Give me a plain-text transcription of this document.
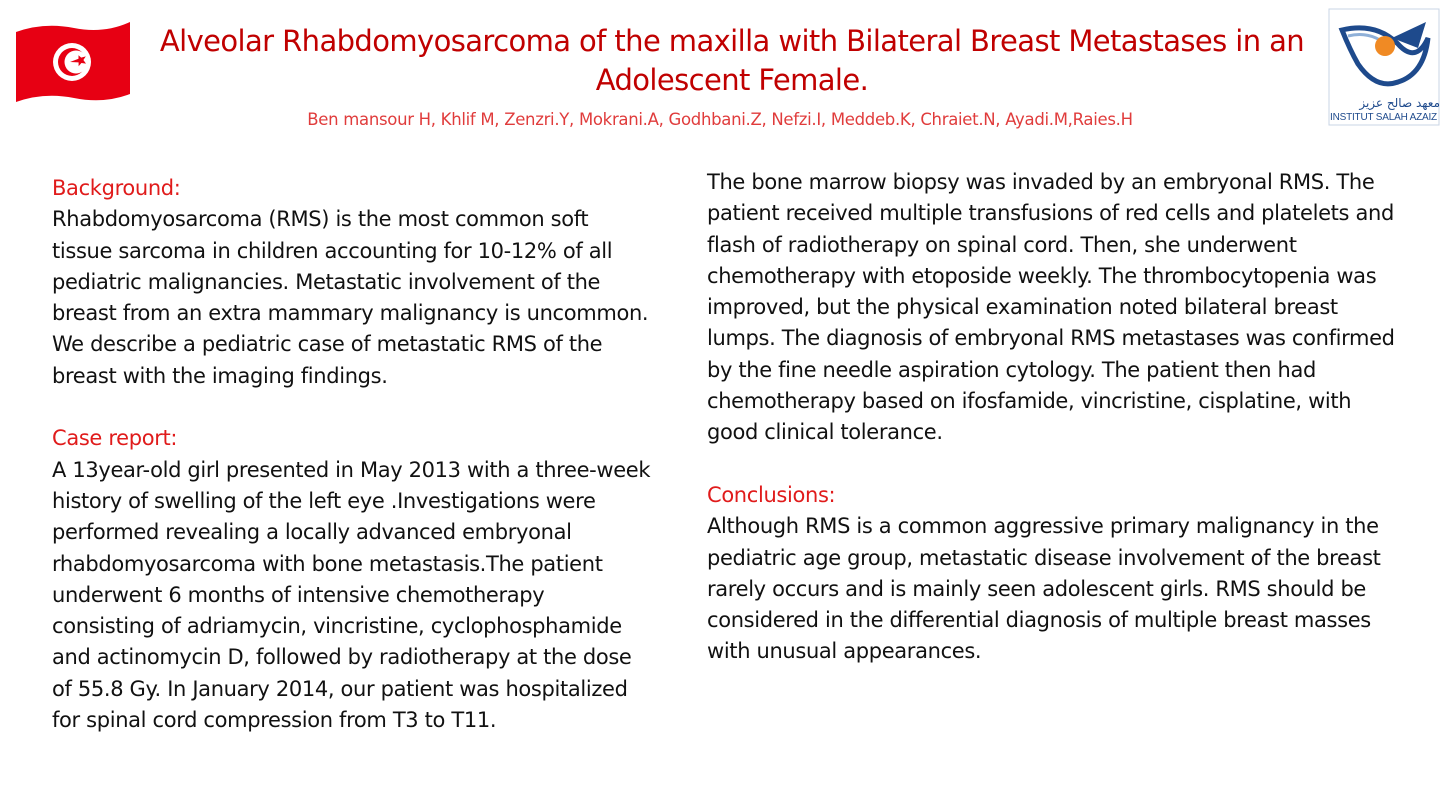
معهد صالح عزيز
INSTITUT SALAH AZAIZ
Alveolar Rhabdomyosarcoma of the maxilla with Bilateral Breast Metastases in an Adolescent Female.
Ben mansour H, Khlif M, Zenzri.Y, Mokrani.A, Godhbani.Z, Nefzi.I, Meddeb.K, Chraiet.N, Ayadi.M,Raies.H
Background:

Rhabdomyosarcoma (RMS) is the most common soft tissue sarcoma in children accounting for 10-12% of all pediatric malignancies. Metastatic involvement of the breast from an extra mammary malignancy is uncommon. We describe a pediatric case of metastatic RMS of the breast with the imaging findings.

Case report:

A 13year-old girl presented in May 2013 with a three-week history of swelling of the left eye .Investigations were performed revealing a locally advanced embryonal rhabdomyosarcoma with bone metastasis.The patient underwent 6 months of intensive chemotherapy consisting of adriamycin, vincristine, cyclophosphamide and actinomycin D, followed by radiotherapy at the dose of 55.8 Gy. In January 2014, our patient was hospitalized for spinal cord compression from T3 to T11.

The bone marrow biopsy was invaded by an embryonal RMS. The patient received multiple transfusions of red cells and platelets and flash of radiotherapy on spinal cord. Then, she underwent chemotherapy with etoposide weekly. The thrombocytopenia was improved, but the physical examination noted bilateral breast lumps. The diagnosis of embryonal RMS metastases was confirmed by the fine needle aspiration cytology. The patient then had chemotherapy based on ifosfamide, vincristine, cisplatine, with good clinical tolerance.

Conclusions:

Although RMS is a common aggressive primary malignancy in the pediatric age group, metastatic disease involvement of the breast rarely occurs and is mainly seen adolescent girls. RMS should be considered in the differential diagnosis of multiple breast masses with unusual appearances.
